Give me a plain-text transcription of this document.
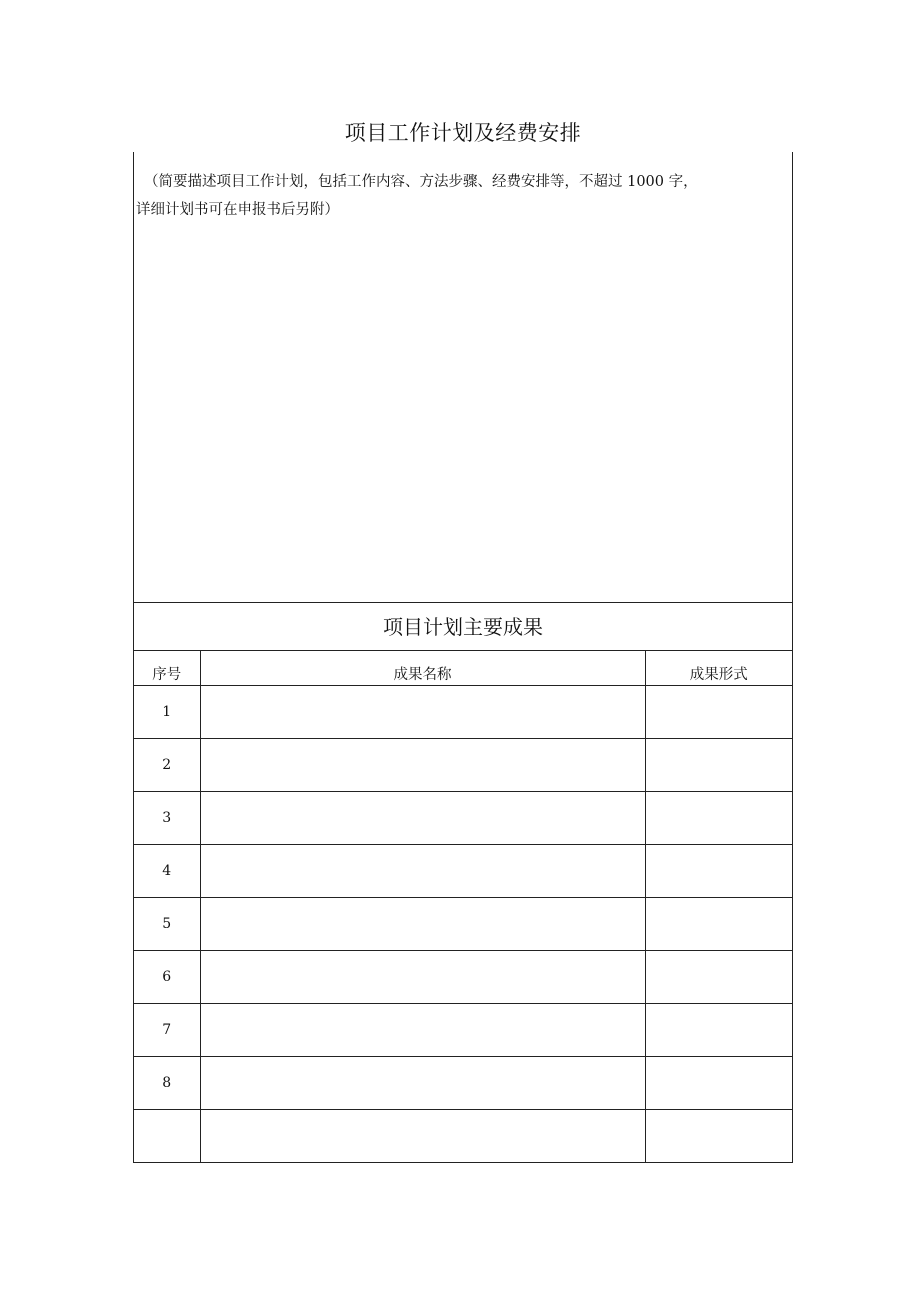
项目工作计划及经费安排
（简要描述项目工作计划，包括工作内容、方法步骤、经费安排等，不超过 1000 字，
详细计划书可在申报书后另附）
项目计划主要成果
序号	成果名称	成果形式
1		
2		
3		
4		
5		
6		
7		
8		
